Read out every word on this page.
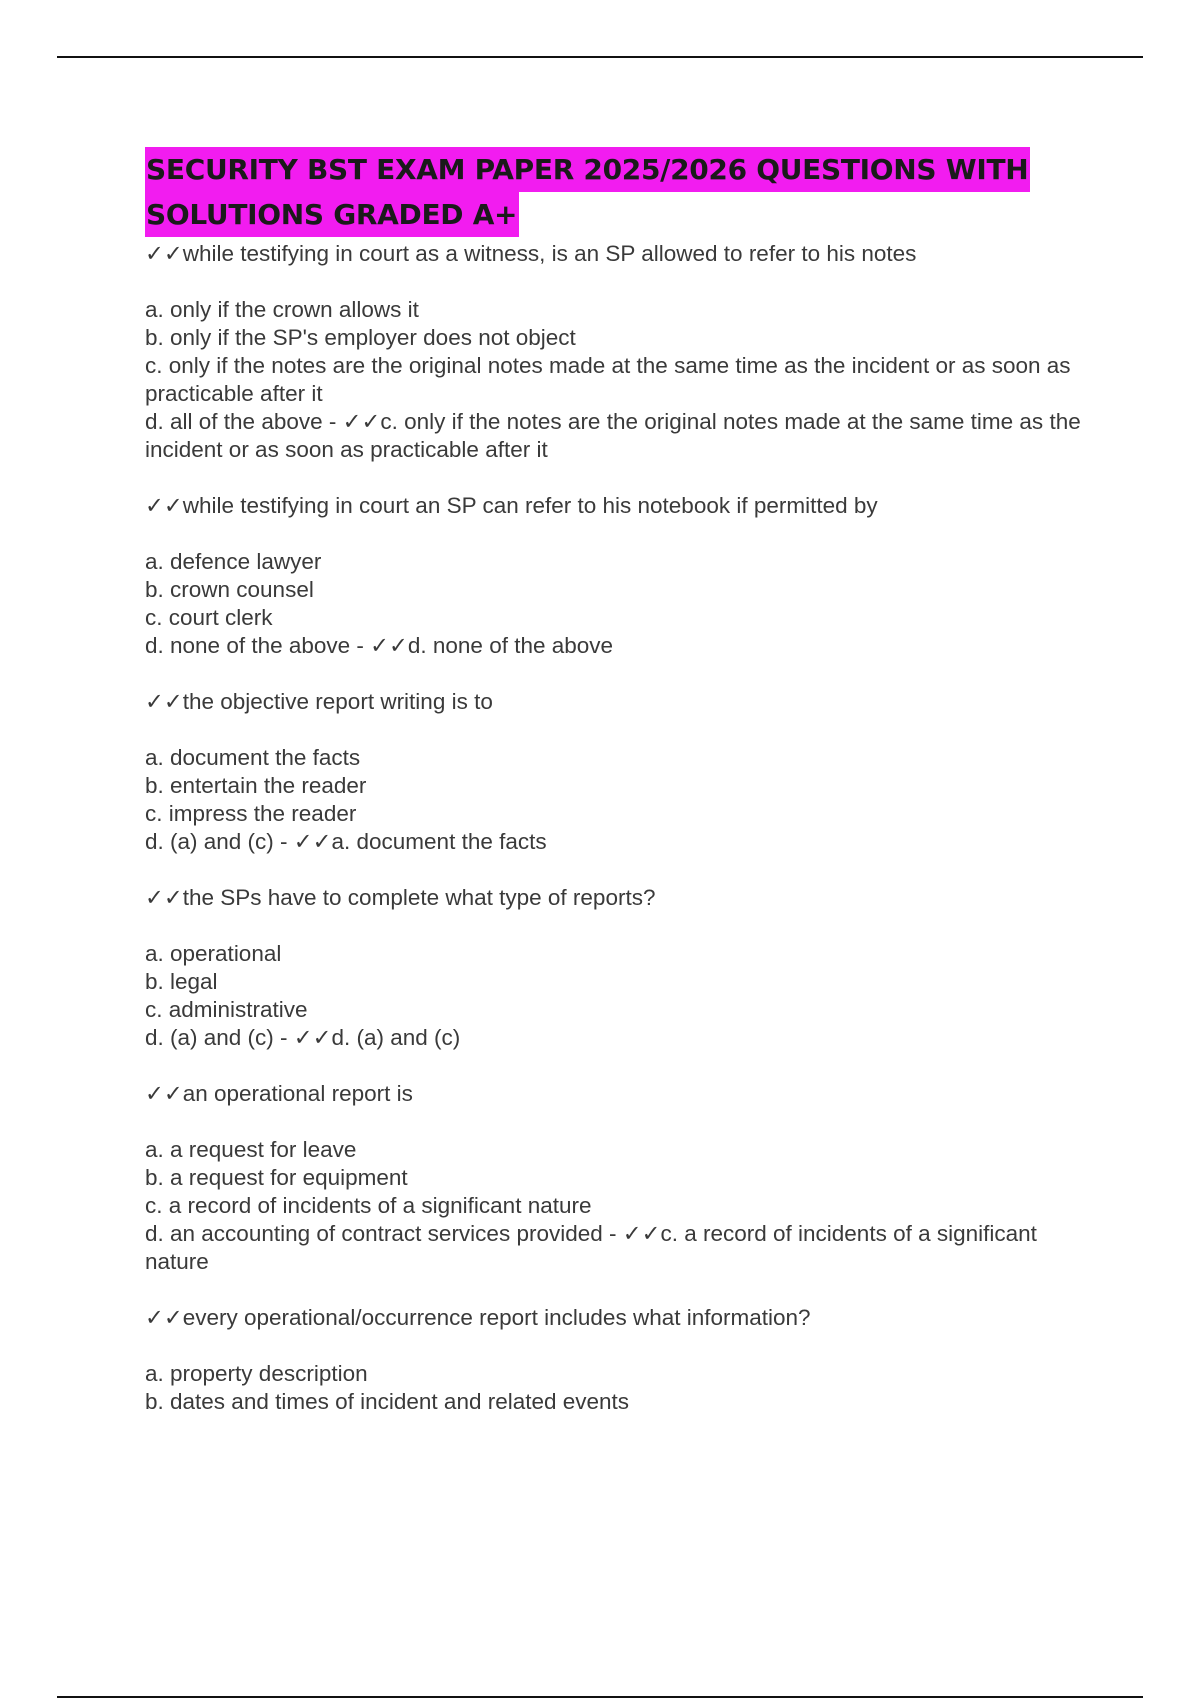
SECURITY BST EXAM PAPER 2025/2026 QUESTIONS WITH
SOLUTIONS GRADED A+

✓✓while testifying in court as a witness, is an SP allowed to refer to his notes

a. only if the crown allows it

b. only if the SP's employer does not object

c. only if the notes are the original notes made at the same time as the incident or as soon as practicable after it

d. all of the above - ✓✓c. only if the notes are the original notes made at the same time as the incident or as soon as practicable after it

✓✓while testifying in court an SP can refer to his notebook if permitted by

a. defence lawyer

b. crown counsel

c. court clerk

d. none of the above - ✓✓d. none of the above

✓✓the objective report writing is to

a. document the facts

b. entertain the reader

c. impress the reader

d. (a) and (c) - ✓✓a. document the facts

✓✓the SPs have to complete what type of reports?

a. operational

b. legal

c. administrative

d. (a) and (c) - ✓✓d. (a) and (c)

✓✓an operational report is

a. a request for leave

b. a request for equipment

c. a record of incidents of a significant nature

d. an accounting of contract services provided - ✓✓c. a record of incidents of a significant nature

✓✓every operational/occurrence report includes what information?

a. property description

b. dates and times of incident and related events
